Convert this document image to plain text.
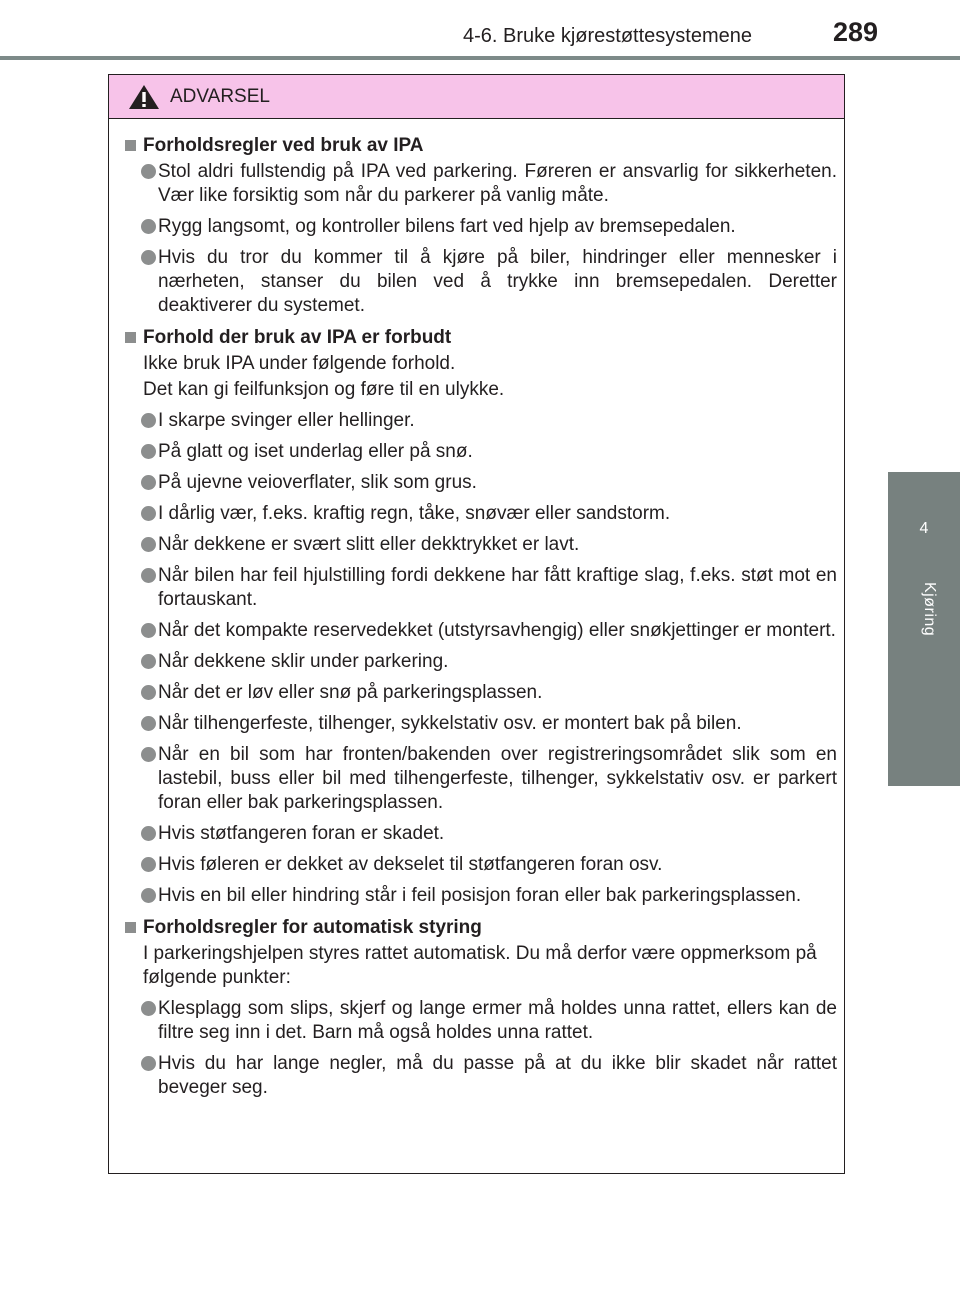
4-6. Bruke kjørestøttesystemene	289
4
Kjøring
ADVARSEL
Forholdsregler ved bruk av IPA
Stol aldri fullstendig på IPA ved parkering. Føreren er ansvarlig for sikkerheten. Vær like forsiktig som når du parkerer på vanlig måte.
Rygg langsomt, og kontroller bilens fart ved hjelp av bremsepedalen.
Hvis du tror du kommer til å kjøre på biler, hindringer eller mennesker i nærheten, stanser du bilen ved å trykke inn bremsepedalen. Deretter deaktiverer du systemet.
Forhold der bruk av IPA er forbudt
Ikke bruk IPA under følgende forhold.
Det kan gi feilfunksjon og føre til en ulykke.
I skarpe svinger eller hellinger.
På glatt og iset underlag eller på snø.
På ujevne veioverflater, slik som grus.
I dårlig vær, f.eks. kraftig regn, tåke, snøvær eller sandstorm.
Når dekkene er svært slitt eller dekktrykket er lavt.
Når bilen har feil hjulstilling fordi dekkene har fått kraftige slag, f.eks. støt mot en fortauskant.
Når det kompakte reservedekket (utstyrsavhengig) eller snøkjettinger er montert.
Når dekkene sklir under parkering.
Når det er løv eller snø på parkeringsplassen.
Når tilhengerfeste, tilhenger, sykkelstativ osv. er montert bak på bilen.
Når en bil som har fronten/bakenden over registreringsområdet slik som en lastebil, buss eller bil med tilhengerfeste, tilhenger, sykkelstativ osv. er parkert foran eller bak parkeringsplassen.
Hvis støtfangeren foran er skadet.
Hvis føleren er dekket av dekselet til støtfangeren foran osv.
Hvis en bil eller hindring står i feil posisjon foran eller bak parkeringsplassen.
Forholdsregler for automatisk styring
I parkeringshjelpen styres rattet automatisk. Du må derfor være oppmerksom på følgende punkter:
Klesplagg som slips, skjerf og lange ermer må holdes unna rattet, ellers kan de filtre seg inn i det. Barn må også holdes unna rattet.
Hvis du har lange negler, må du passe på at du ikke blir skadet når rattet beveger seg.
